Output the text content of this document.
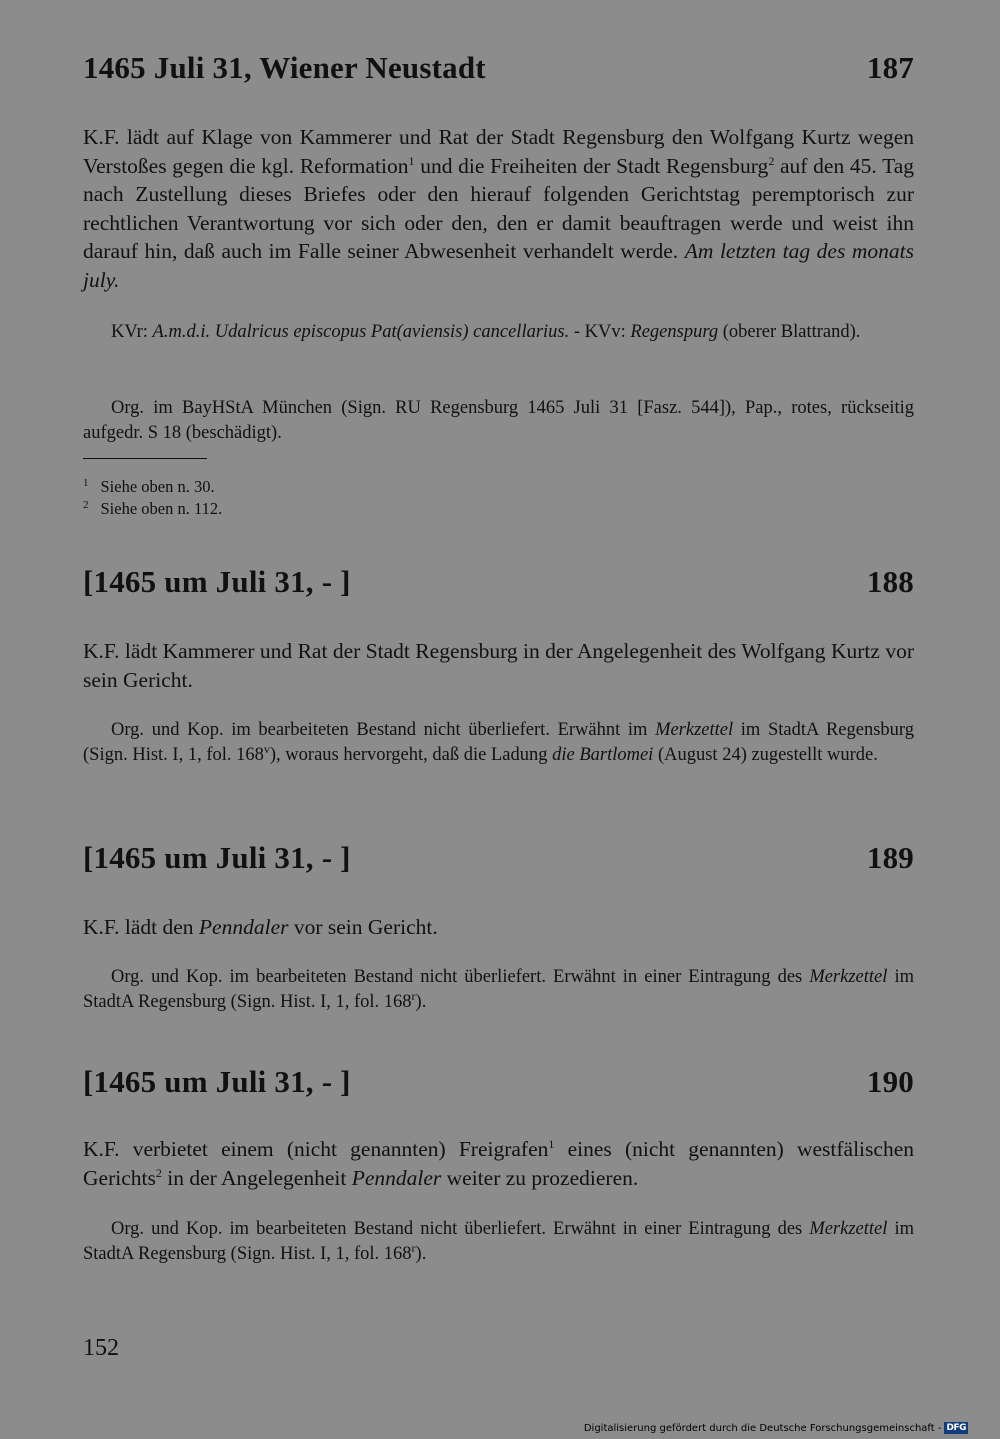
1465 Juli 31, Wiener Neustadt	187

K.F. lädt auf Klage von Kammerer und Rat der Stadt Regensburg den Wolfgang Kurtz wegen Verstoßes gegen die kgl. Reformation$^1$ und die Freiheiten der Stadt Regensburg$^2$ auf den 45. Tag nach Zustellung dieses Briefes oder den hierauf folgenden Gerichtstag peremptorisch zur rechtlichen Verantwortung vor sich oder den, den er damit beauftragen werde und weist ihn darauf hin, daß auch im Falle seiner Abwesenheit verhandelt werde. Am letzten tag des monats july.

KVr: A.m.d.i. Udalricus episcopus Pat(aviensis) cancellarius. - KVv: Regenspurg (oberer Blattrand).

Org. im BayHStA München (Sign. RU Regensburg 1465 Juli 31 [Fasz. 544]), Pap., rotes, rückseitig aufgedr. S 18 (beschädigt).

$^1$ Siehe oben n. 30.
$^2$ Siehe oben n. 112.
[1465 um Juli 31, - ]	188

K.F. lädt Kammerer und Rat der Stadt Regensburg in der Angelegenheit des Wolfgang Kurtz vor sein Gericht.

Org. und Kop. im bearbeiteten Bestand nicht überliefert. Erwähnt im Merkzettel im StadtA Regensburg (Sign. Hist. I, 1, fol. 168$^v$), woraus hervorgeht, daß die Ladung die Bartlomei (August 24) zugestellt wurde.

[1465 um Juli 31, - ]	189

K.F. lädt den Penndaler vor sein Gericht.

Org. und Kop. im bearbeiteten Bestand nicht überliefert. Erwähnt in einer Eintragung des Merkzettel im StadtA Regensburg (Sign. Hist. I, 1, fol. 168$^r$).

[1465 um Juli 31, - ]	190

K.F. verbietet einem (nicht genannten) Freigrafen$^1$ eines (nicht genannten) westfälischen Gerichts$^2$ in der Angelegenheit Penndaler weiter zu prozedieren.

Org. und Kop. im bearbeiteten Bestand nicht überliefert. Erwähnt in einer Eintragung des Merkzettel im StadtA Regensburg (Sign. Hist. I, 1, fol. 168$^r$).

152
Digitalisierung gefördert durch die Deutsche Forschungsgemeinschaft - DFG
